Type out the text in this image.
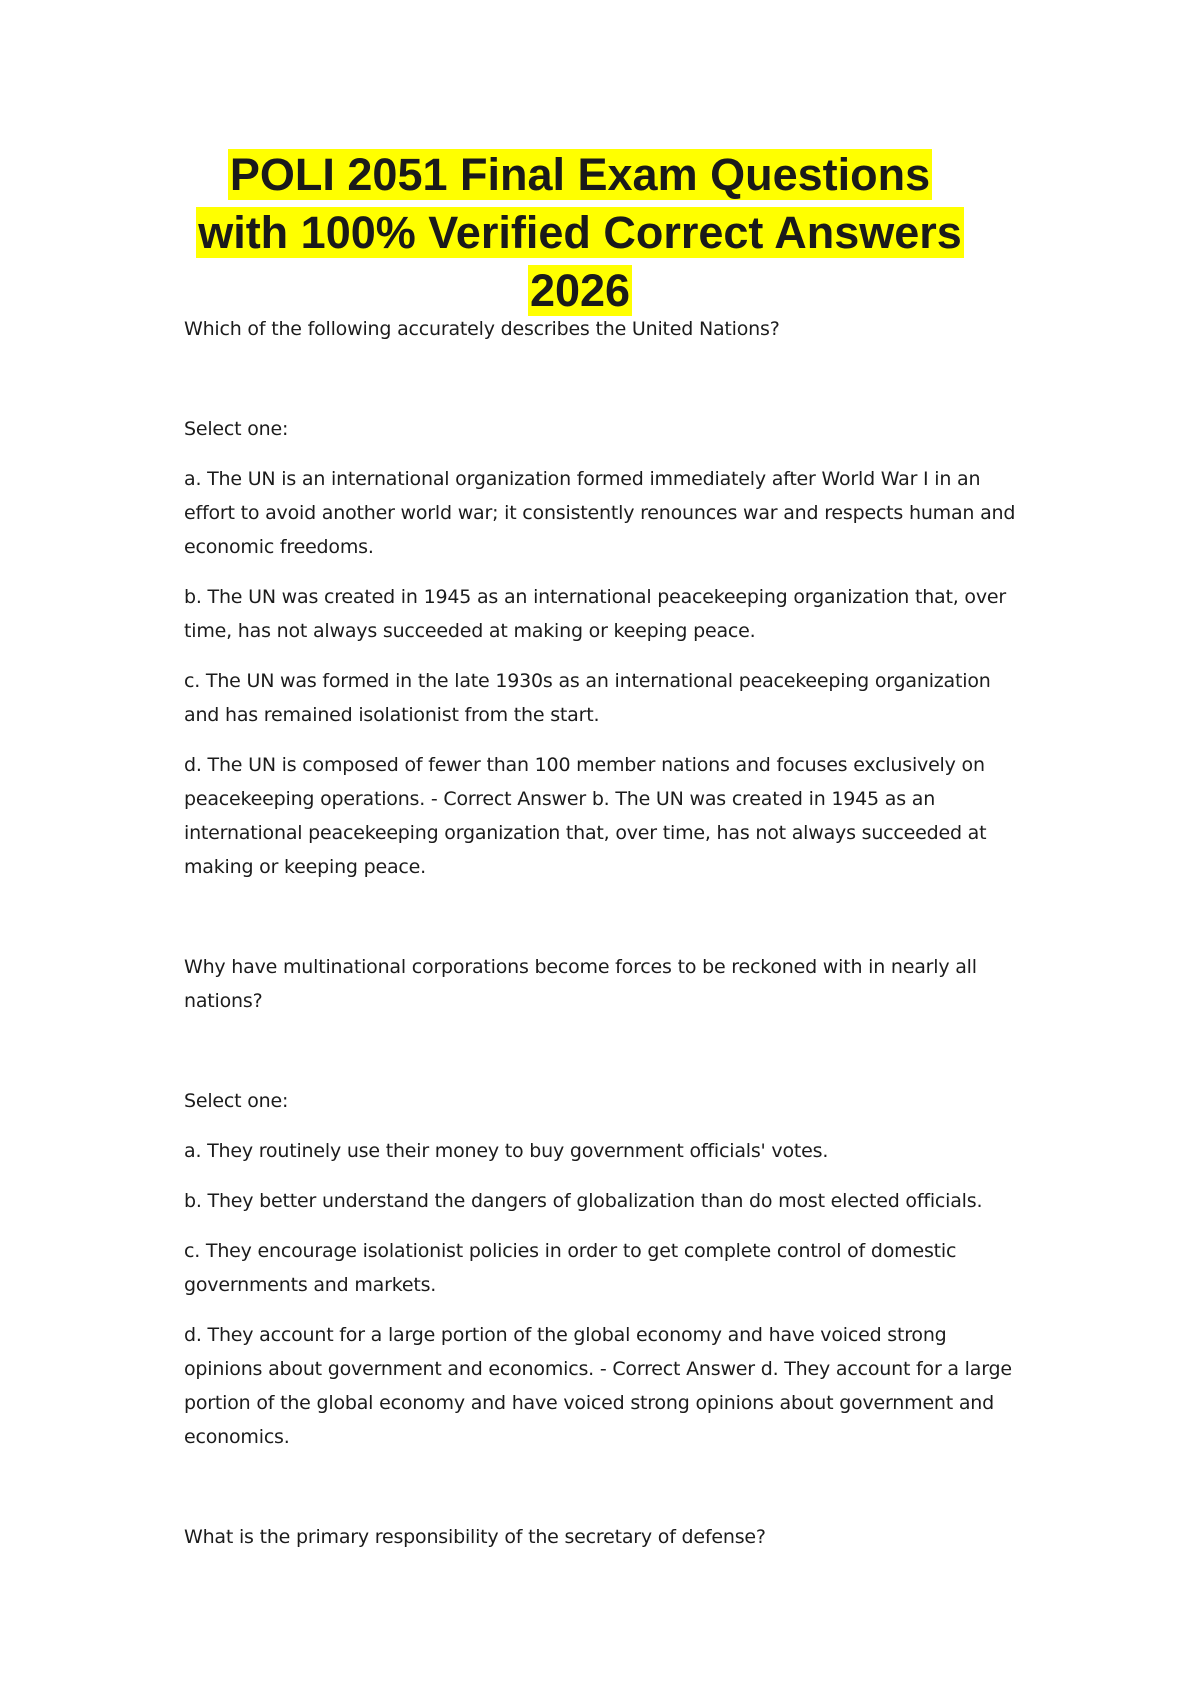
POLI 2051 Final Exam Questions
with 100% Verified Correct Answers
2026

Which of the following accurately describes the United Nations?

Select one:

a. The UN is an international organization formed immediately after World War I in an effort to avoid another world war; it consistently renounces war and respects human and economic freedoms.

b. The UN was created in 1945 as an international peacekeeping organization that, over time, has not always succeeded at making or keeping peace.

c. The UN was formed in the late 1930s as an international peacekeeping organization and has remained isolationist from the start.

d. The UN is composed of fewer than 100 member nations and focuses exclusively on peacekeeping operations. - Correct Answer b. The UN was created in 1945 as an international peacekeeping organization that, over time, has not always succeeded at making or keeping peace.

Why have multinational corporations become forces to be reckoned with in nearly all nations?

Select one:

a. They routinely use their money to buy government officials' votes.

b. They better understand the dangers of globalization than do most elected officials.

c. They encourage isolationist policies in order to get complete control of domestic governments and markets.

d. They account for a large portion of the global economy and have voiced strong opinions about government and economics. - Correct Answer d. They account for a large portion of the global economy and have voiced strong opinions about government and economics.

What is the primary responsibility of the secretary of defense?
